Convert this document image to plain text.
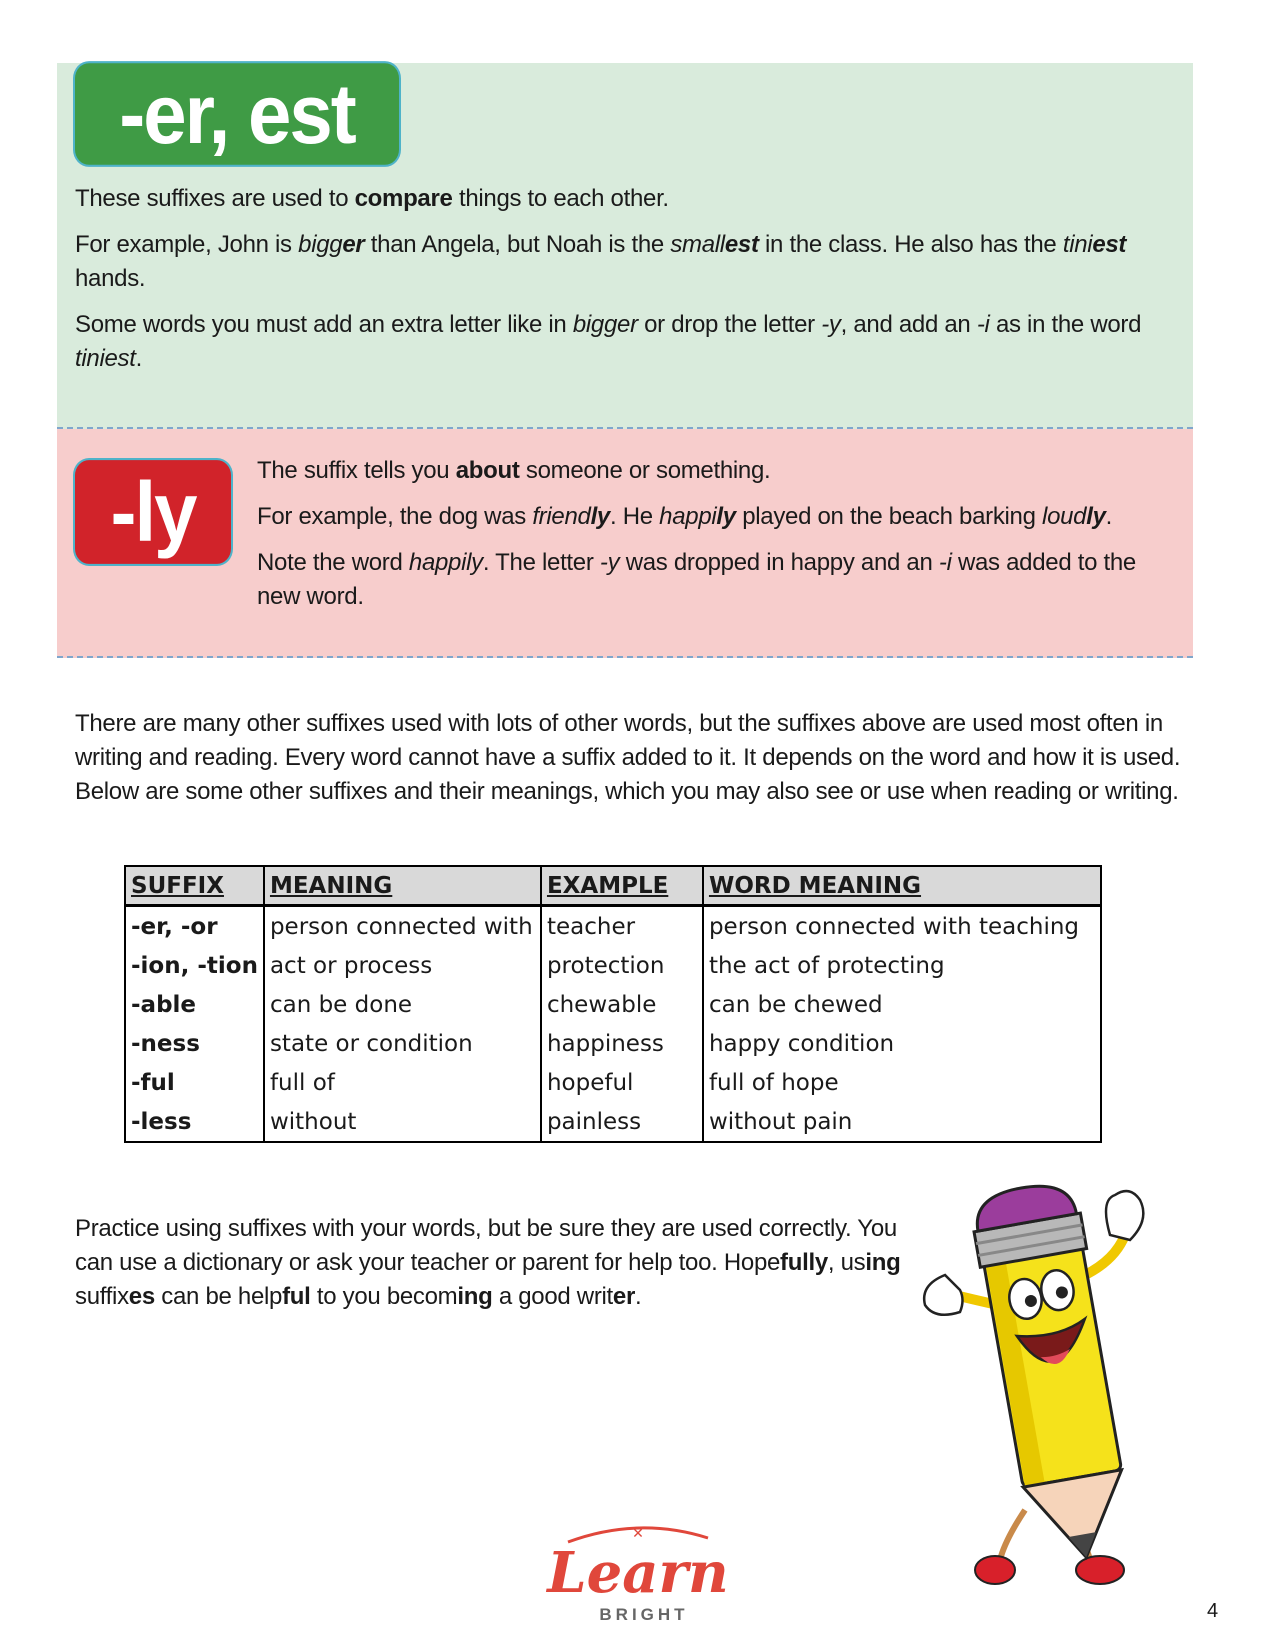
-er, est

These suffixes are used to compare things to each other.

For example, John is bigger than Angela, but Noah is the smallest in the class. He also has the tiniest hands.

Some words you must add an extra letter like in bigger or drop the letter -y, and add an -i as in the word tiniest.

-ly	The suffix tells you about someone or something.

For example, the dog was friendly. He happily played on the beach barking loudly.

Note the word happily. The letter -y was dropped in happy and an -i was added to the new word.

There are many other suffixes used with lots of other words, but the suffixes above are used most often in writing and reading. Every word cannot have a suffix added to it. It depends on the word and how it is used. Below are some other suffixes and their meanings, which you may also see or use when reading or writing.

SUFFIX	MEANING	EXAMPLE	WORD MEANING
-er, -or	person connected with	teacher	person connected with teaching
-ion, -tion	act or process	protection	the act of protecting
-able	can be done	chewable	can be chewed
-ness	state or condition	happiness	happy condition
-ful	full of	hopeful	full of hope
-less	without	painless	without pain

Practice using suffixes with your words, but be sure they are used correctly. You can use a dictionary or ask your teacher or parent for help too. Hopefully, using suffixes can be helpful to you becoming a good writer.

✕
Learn
BRIGHT	4
